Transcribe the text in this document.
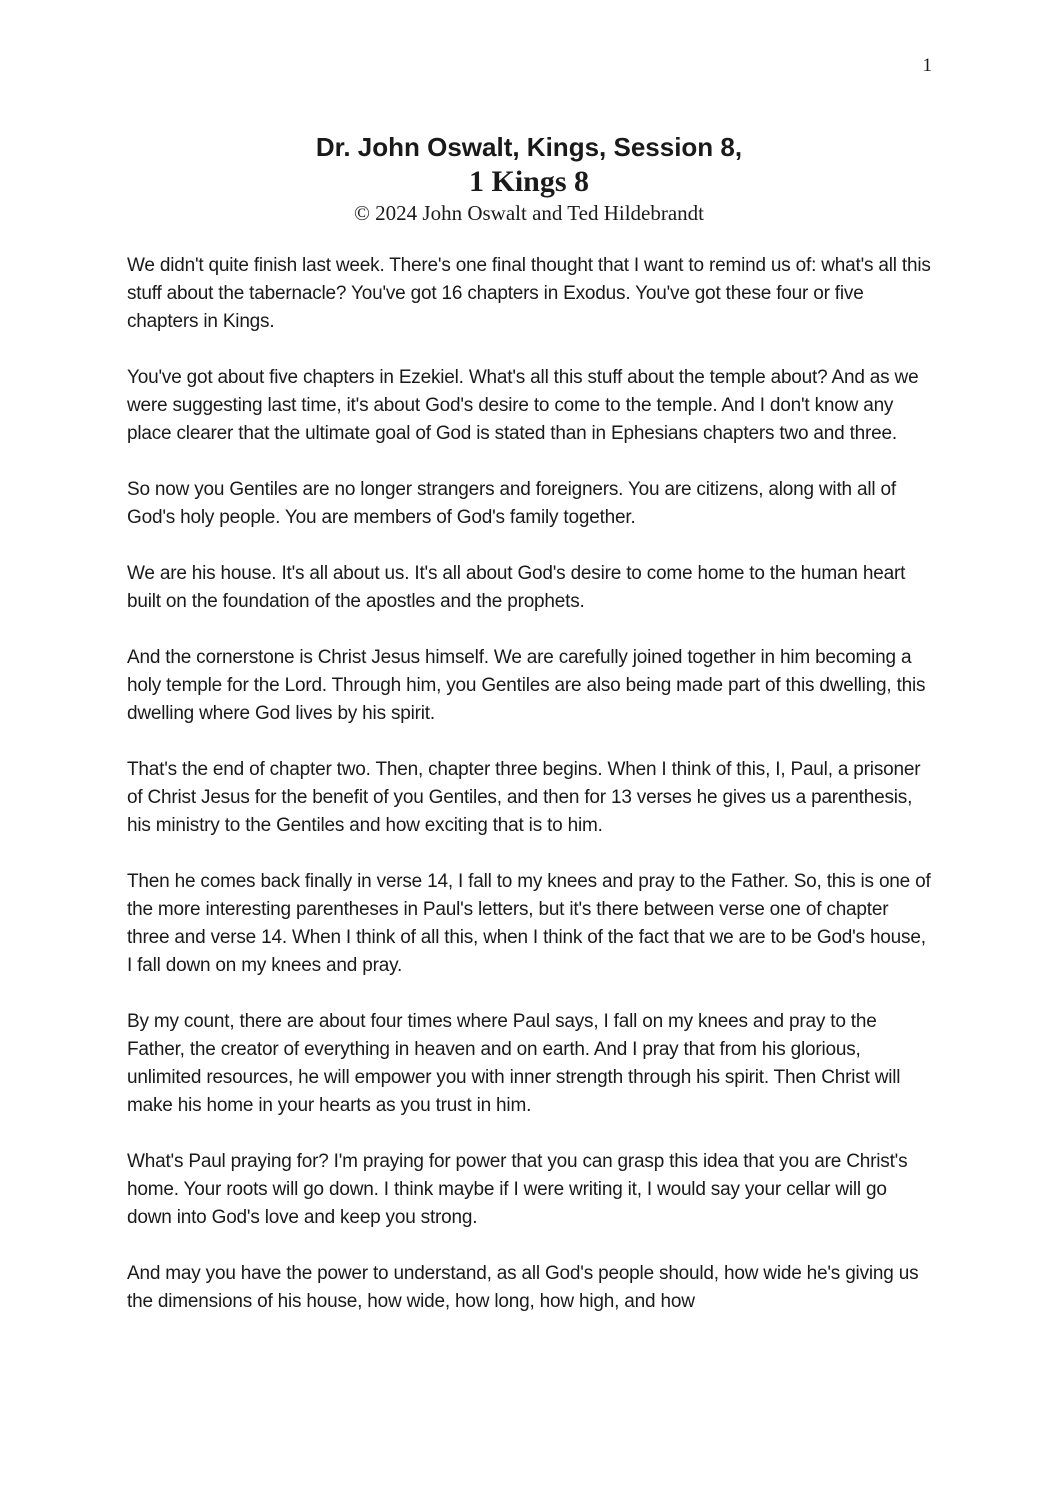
1
Dr. John Oswalt, Kings, Session 8,
1 Kings 8
© 2024 John Oswalt and Ted Hildebrandt

We didn't quite finish last week. There's one final thought that I want to remind us of: what's all this stuff about the tabernacle? You've got 16 chapters in Exodus. You've got these four or five chapters in Kings.

You've got about five chapters in Ezekiel. What's all this stuff about the temple about? And as we were suggesting last time, it's about God's desire to come to the temple. And I don't know any place clearer that the ultimate goal of God is stated than in Ephesians chapters two and three.

So now you Gentiles are no longer strangers and foreigners. You are citizens, along with all of God's holy people. You are members of God's family together.

We are his house. It's all about us. It's all about God's desire to come home to the human heart built on the foundation of the apostles and the prophets.

And the cornerstone is Christ Jesus himself. We are carefully joined together in him becoming a holy temple for the Lord. Through him, you Gentiles are also being made part of this dwelling, this dwelling where God lives by his spirit.

That's the end of chapter two. Then, chapter three begins. When I think of this, I, Paul, a prisoner of Christ Jesus for the benefit of you Gentiles, and then for 13 verses he gives us a parenthesis, his ministry to the Gentiles and how exciting that is to him.

Then he comes back finally in verse 14, I fall to my knees and pray to the Father. So, this is one of the more interesting parentheses in Paul's letters, but it's there between verse one of chapter three and verse 14. When I think of all this, when I think of the fact that we are to be God's house, I fall down on my knees and pray.

By my count, there are about four times where Paul says, I fall on my knees and pray to the Father, the creator of everything in heaven and on earth. And I pray that from his glorious, unlimited resources, he will empower you with inner strength through his spirit. Then Christ will make his home in your hearts as you trust in him.

What's Paul praying for? I'm praying for power that you can grasp this idea that you are Christ's home. Your roots will go down. I think maybe if I were writing it, I would say your cellar will go down into God's love and keep you strong.

And may you have the power to understand, as all God's people should, how wide he's giving us the dimensions of his house, how wide, how long, how high, and how
